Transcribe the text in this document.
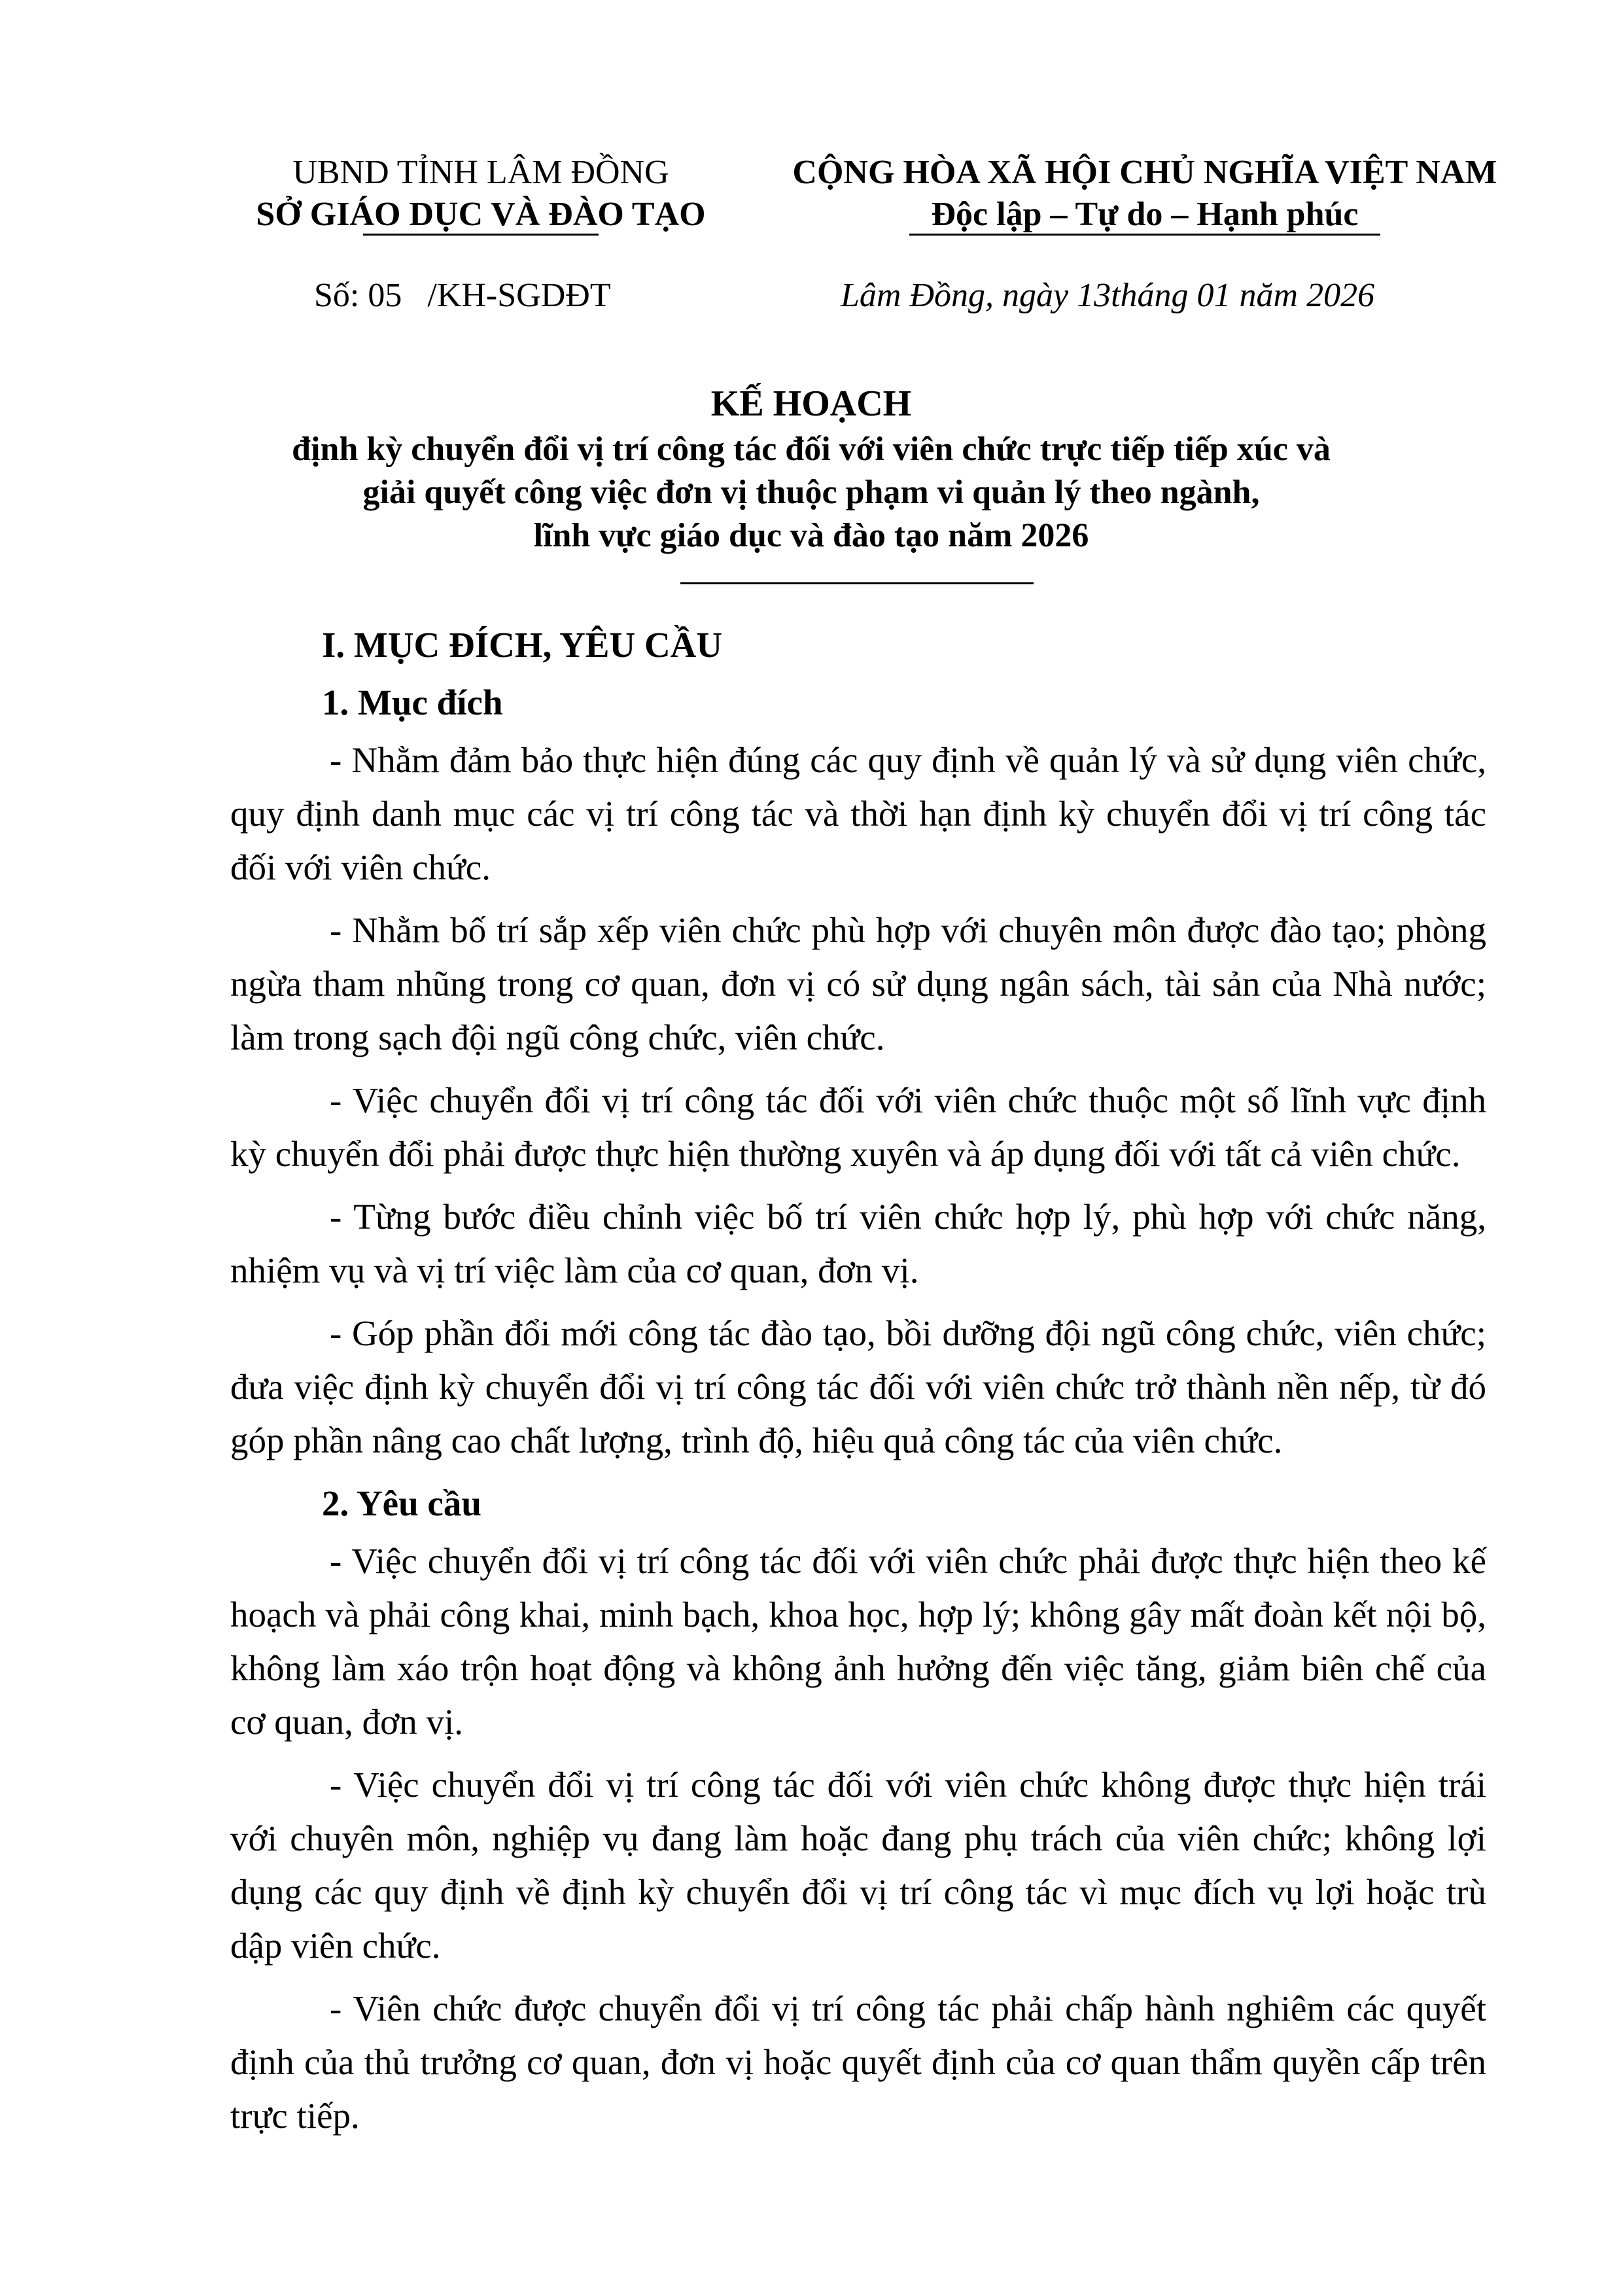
UBND TỈNH LÂM ĐỒNG
SỞ GIÁO DỤC VÀ ĐÀO TẠO
CỘNG HÒA XÃ HỘI CHỦ NGHĨA VIỆT NAM
Độc lập – Tự do – Hạnh phúc
Số: 05   /KH-SGDĐT	Lâm Đồng, ngày 13tháng 01 năm 2026
KẾ HOẠCH
định kỳ chuyển đổi vị trí công tác đối với viên chức trực tiếp tiếp xúc và
giải quyết công việc đơn vị thuộc phạm vi quản lý theo ngành,
lĩnh vực giáo dục và đào tạo năm 2026
I. MỤC ĐÍCH, YÊU CẦU
1. Mục đích

- Nhằm đảm bảo thực hiện đúng các quy định về quản lý và sử dụng viên chức, quy định danh mục các vị trí công tác và thời hạn định kỳ chuyển đổi vị trí công tác đối với viên chức.

- Nhằm bố trí sắp xếp viên chức phù hợp với chuyên môn được đào tạo; phòng ngừa tham nhũng trong cơ quan, đơn vị có sử dụng ngân sách, tài sản của Nhà nước; làm trong sạch đội ngũ công chức, viên chức.

- Việc chuyển đổi vị trí công tác đối với viên chức thuộc một số lĩnh vực định kỳ chuyển đổi phải được thực hiện thường xuyên và áp dụng đối với tất cả viên chức.

- Từng bước điều chỉnh việc bố trí viên chức hợp lý, phù hợp với chức năng, nhiệm vụ và vị trí việc làm của cơ quan, đơn vị.

- Góp phần đổi mới công tác đào tạo, bồi dưỡng đội ngũ công chức, viên chức; đưa việc định kỳ chuyển đổi vị trí công tác đối với viên chức trở thành nền nếp, từ đó góp phần nâng cao chất lượng, trình độ, hiệu quả công tác của viên chức.

2. Yêu cầu

- Việc chuyển đổi vị trí công tác đối với viên chức phải được thực hiện theo kế hoạch và phải công khai, minh bạch, khoa học, hợp lý; không gây mất đoàn kết nội bộ, không làm xáo trộn hoạt động và không ảnh hưởng đến việc tăng, giảm biên chế của cơ quan, đơn vị.

- Việc chuyển đổi vị trí công tác đối với viên chức không được thực hiện trái với chuyên môn, nghiệp vụ đang làm hoặc đang phụ trách của viên chức; không lợi dụng các quy định về định kỳ chuyển đổi vị trí công tác vì mục đích vụ lợi hoặc trù dập viên chức.

- Viên chức được chuyển đổi vị trí công tác phải chấp hành nghiêm các quyết định của thủ trưởng cơ quan, đơn vị hoặc quyết định của cơ quan thẩm quyền cấp trên trực tiếp.
